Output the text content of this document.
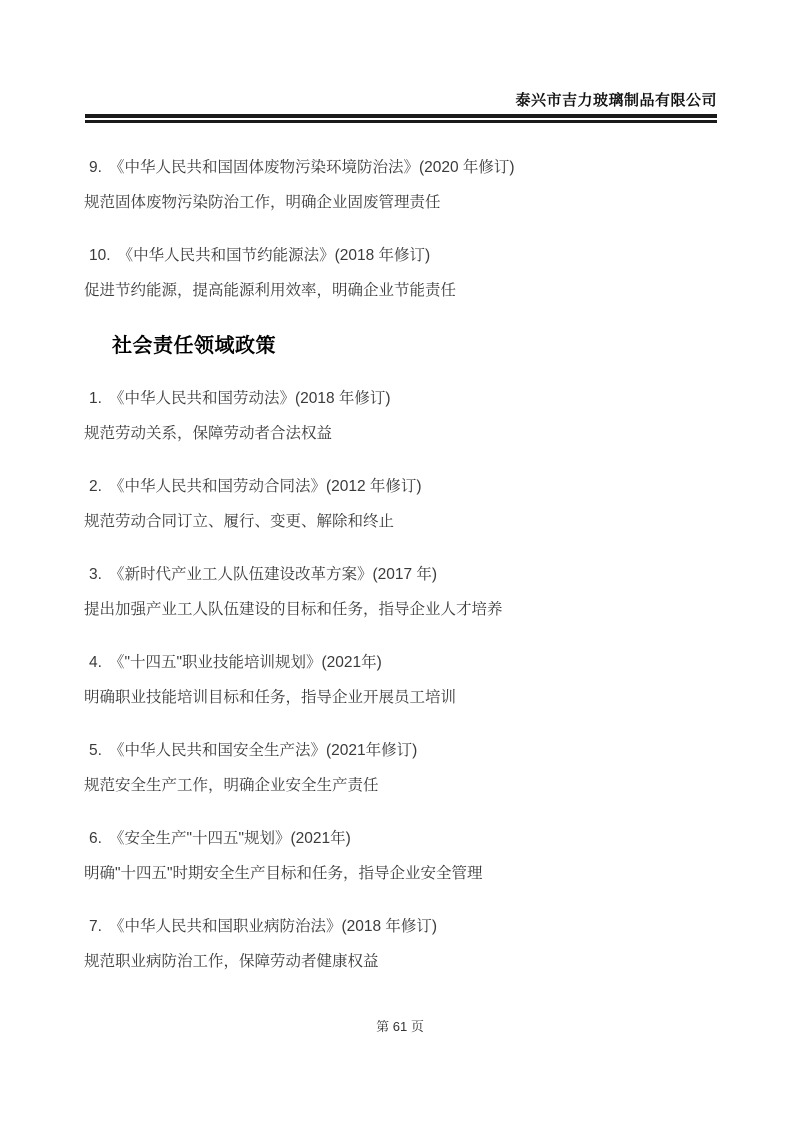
泰兴市吉力玻璃制品有限公司

9. 《中华人民共和国固体废物污染环境防治法》(2020 年修订)

规范固体废物污染防治工作，明确企业固废管理责任

10. 《中华人民共和国节约能源法》(2018 年修订)

促进节约能源，提高能源利用效率，明确企业节能责任

社会责任领域政策

1. 《中华人民共和国劳动法》(2018 年修订)

规范劳动关系，保障劳动者合法权益

2. 《中华人民共和国劳动合同法》(2012 年修订)

规范劳动合同订立、履行、变更、解除和终止

3. 《新时代产业工人队伍建设改革方案》(2017 年)

提出加强产业工人队伍建设的目标和任务，指导企业人才培养

4. 《"十四五"职业技能培训规划》(2021年)

明确职业技能培训目标和任务，指导企业开展员工培训

5. 《中华人民共和国安全生产法》(2021年修订)

规范安全生产工作，明确企业安全生产责任

6. 《安全生产"十四五"规划》(2021年)

明确"十四五"时期安全生产目标和任务，指导企业安全管理

7. 《中华人民共和国职业病防治法》(2018 年修订)

规范职业病防治工作，保障劳动者健康权益

第 61 页
